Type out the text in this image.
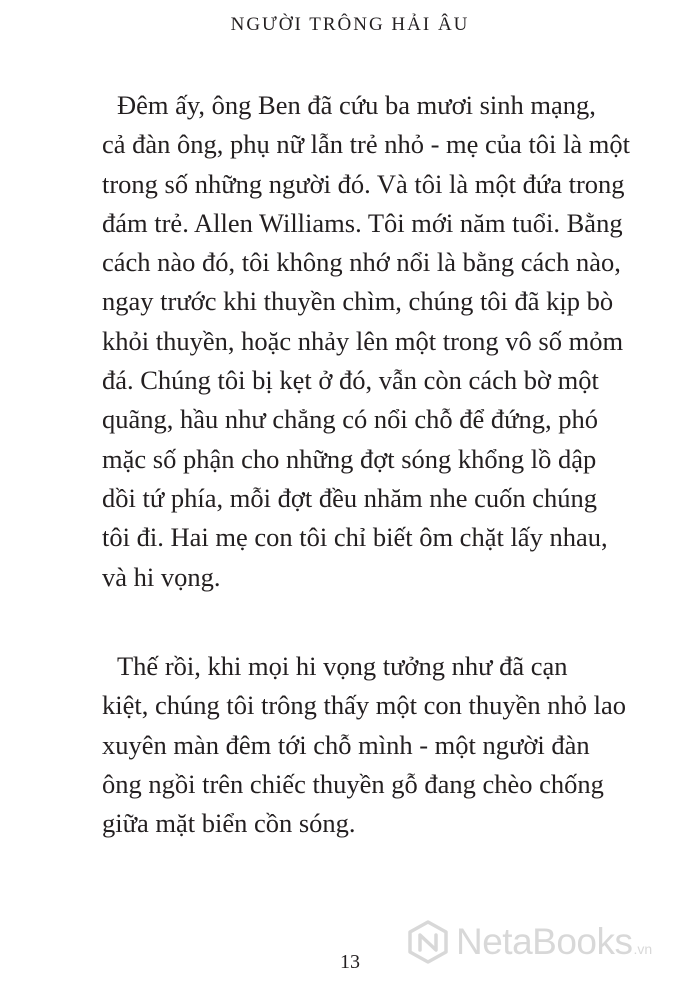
NGƯỜI TRÔNG HẢI ÂU
Đêm ấy, ông Ben đã cứu ba mươi sinh mạng,
cả đàn ông, phụ nữ lẫn trẻ nhỏ - mẹ của tôi là một
trong số những người đó. Và tôi là một đứa trong
đám trẻ. Allen Williams. Tôi mới năm tuổi. Bằng
cách nào đó, tôi không nhớ nổi là bằng cách nào,
ngay trước khi thuyền chìm, chúng tôi đã kịp bò
khỏi thuyền, hoặc nhảy lên một trong vô số mỏm
đá. Chúng tôi bị kẹt ở đó, vẫn còn cách bờ một
quãng, hầu như chẳng có nổi chỗ để đứng, phó
mặc số phận cho những đợt sóng khổng lồ dập
dồi tứ phía, mỗi đợt đều nhăm nhe cuốn chúng
tôi đi. Hai mẹ con tôi chỉ biết ôm chặt lấy nhau,
và hi vọng.
Thế rồi, khi mọi hi vọng tưởng như đã cạn
kiệt, chúng tôi trông thấy một con thuyền nhỏ lao
xuyên màn đêm tới chỗ mình - một người đàn
ông ngồi trên chiếc thuyền gỗ đang chèo chống
giữa mặt biển cồn sóng.
13	NetaBooks .vn
